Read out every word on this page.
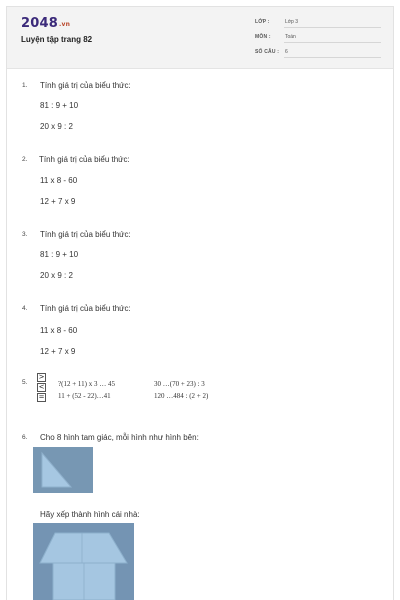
2048.vn
Luyện tập trang 82
LỚP :	Lớp 3
MÔN :	Toán
SỐ CÂU : 6
1. Tính giá trị của biểu thức:
81 : 9 + 10
20 x 9 : 2
2. Tính giá trị của biểu thức:
11 x 8 - 60
12 + 7 x 9
3. Tính giá trị của biểu thức:
81 : 9 + 10
20 x 9 : 2
4. Tính giá trị của biểu thức:
11 x 8 - 60
12 + 7 x 9
5.
>
<
=
?(12 + 11) x 3 … 45	30 …(70 + 23) : 3
11 + (52 - 22)…41	120 …484 : (2 + 2)
6. Cho 8 hình tam giác, mỗi hình như hình bên:
Hãy xếp thành hình cái nhà:
